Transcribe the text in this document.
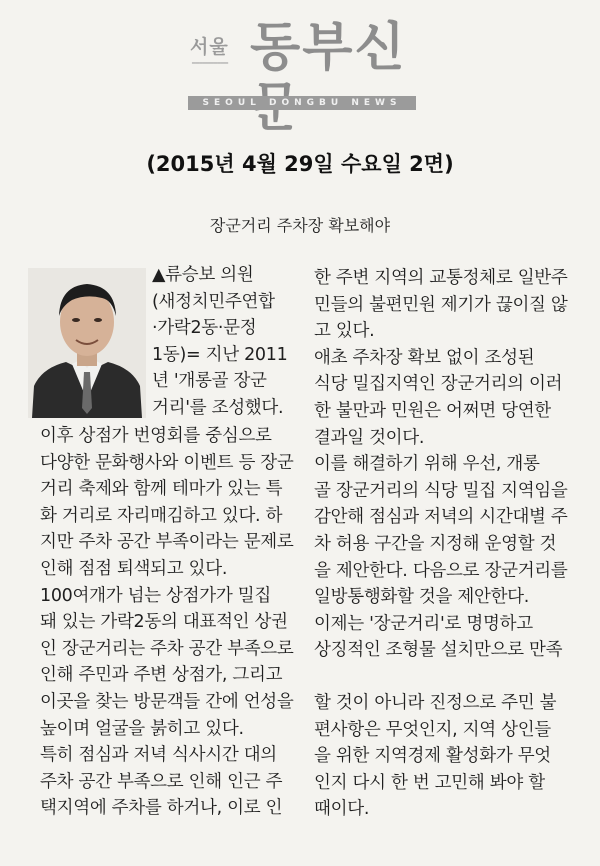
서울
━━━━━━━━━━ 동부신
SEOUL DONGBU NEWS
(2015년 4월 29일 수요일 2면)
장군거리 주차장 확보해야

▲류승보 의원

(새정치민주연합

·가락2동·문정

1동)= 지난 2011

년 '개롱골 장군

거리'를 조성했다.

이후 상점가 번영회를 중심으로

다양한 문화행사와 이벤트 등 장군

거리 축제와 함께 테마가 있는 특

화 거리로 자리매김하고 있다. 하

지만 주차 공간 부족이라는 문제로

인해 점점 퇴색되고 있다.

100여개가 넘는 상점가가 밀집

돼 있는 가락2동의 대표적인 상권

인 장군거리는 주차 공간 부족으로

인해 주민과 주변 상점가, 그리고

이곳을 찾는 방문객들 간에 언성을

높이며 얼굴을 붉히고 있다.

특히 점심과 저녁 식사시간 대의

주차 공간 부족으로 인해 인근 주

택지역에 주차를 하거나, 이로 인

한 주변 지역의 교통정체로 일반주

민들의 불편민원 제기가 끊이질 않

고 있다.

애초 주차장 확보 없이 조성된

식당 밀집지역인 장군거리의 이러

한 불만과 민원은 어쩌면 당연한

결과일 것이다.

이를 해결하기 위해 우선, 개롱

골 장군거리의 식당 밀집 지역임을

감안해 점심과 저녁의 시간대별 주

차 허용 구간을 지정해 운영할 것

을 제안한다. 다음으로 장군거리를

일방통행화할 것을 제안한다.

이제는 '장군거리'로 명명하고

상징적인 조형물 설치만으로 만족

할 것이 아니라 진정으로 주민 불

편사항은 무엇인지, 지역 상인들

을 위한 지역경제 활성화가 무엇

인지 다시 한 번 고민해 봐야 할

때이다.
